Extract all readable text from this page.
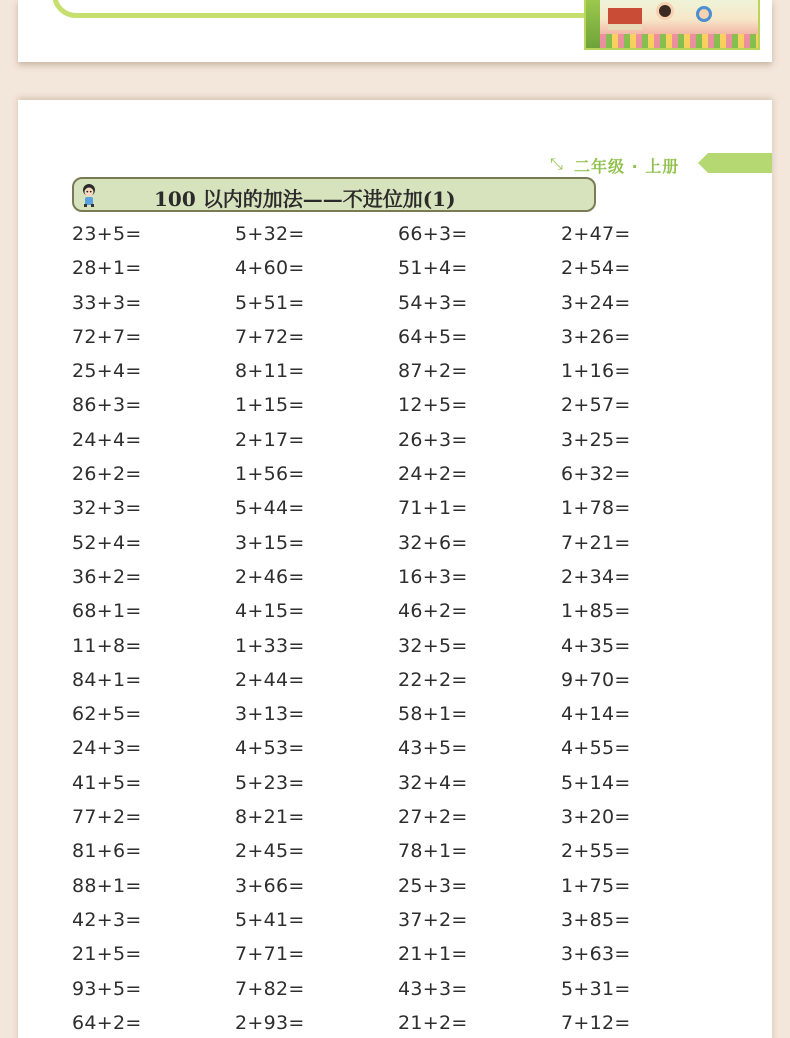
⤡ 二年级 · 上册
100 以内的加法——不进位加(1)
23+5=	5+32=	66+3=	2+47=
28+1=	4+60=	51+4=	2+54=
33+3=	5+51=	54+3=	3+24=
72+7=	7+72=	64+5=	3+26=
25+4=	8+11=	87+2=	1+16=
86+3=	1+15=	12+5=	2+57=
24+4=	2+17=	26+3=	3+25=
26+2=	1+56=	24+2=	6+32=
32+3=	5+44=	71+1=	1+78=
52+4=	3+15=	32+6=	7+21=
36+2=	2+46=	16+3=	2+34=
68+1=	4+15=	46+2=	1+85=
11+8=	1+33=	32+5=	4+35=
84+1=	2+44=	22+2=	9+70=
62+5=	3+13=	58+1=	4+14=
24+3=	4+53=	43+5=	4+55=
41+5=	5+23=	32+4=	5+14=
77+2=	8+21=	27+2=	3+20=
81+6=	2+45=	78+1=	2+55=
88+1=	3+66=	25+3=	1+75=
42+3=	5+41=	37+2=	3+85=
21+5=	7+71=	21+1=	3+63=
93+5=	7+82=	43+3=	5+31=
64+2=	2+93=	21+2=	7+12=
